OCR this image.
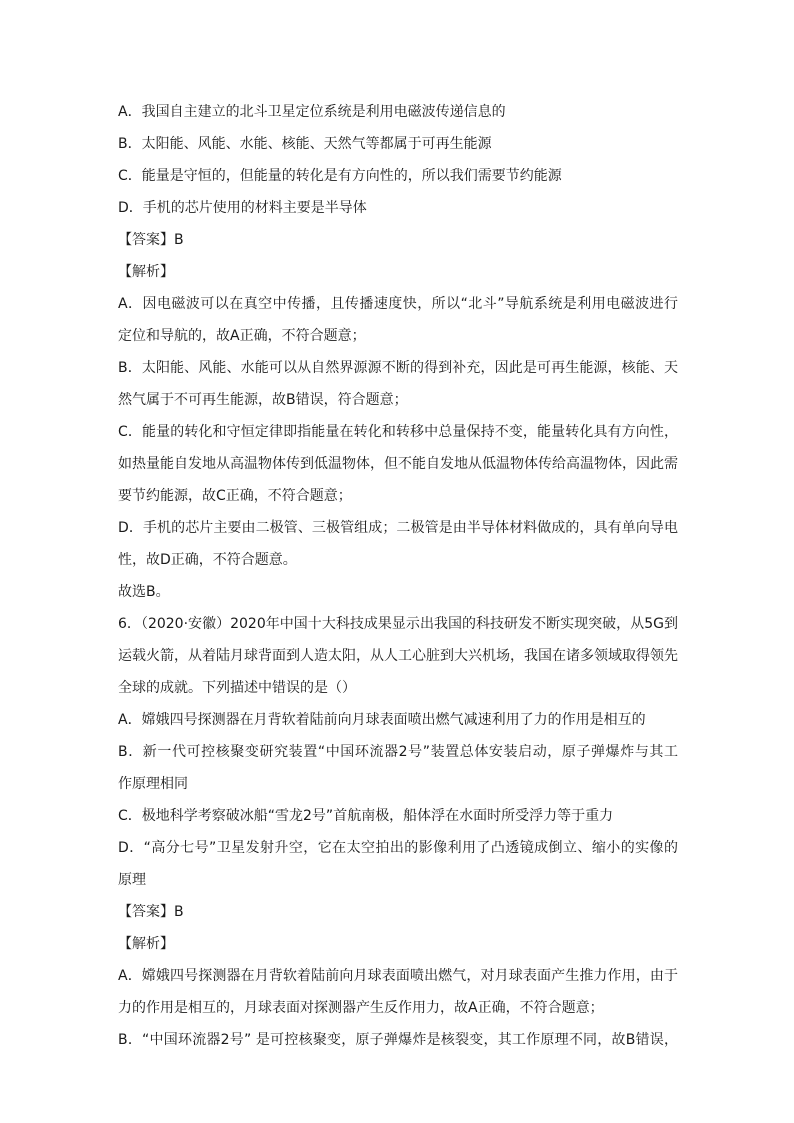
A．我国自主建立的北斗卫星定位系统是利用电磁波传递信息的
B．太阳能、风能、水能、核能、天然气等都属于可再生能源
C．能量是守恒的，但能量的转化是有方向性的，所以我们需要节约能源
D．手机的芯片使用的材料主要是半导体
【答案】B
【解析】
A．因电磁波可以在真空中传播，且传播速度快，所以“北斗”导航系统是利用电磁波进行
定位和导航的，故A正确，不符合题意；
B．太阳能、风能、水能可以从自然界源源不断的得到补充，因此是可再生能源，核能、天
然气属于不可再生能源，故B错误，符合题意；
C．能量的转化和守恒定律即指能量在转化和转移中总量保持不变，能量转化具有方向性，
如热量能自发地从高温物体传到低温物体，但不能自发地从低温物体传给高温物体，因此需
要节约能源，故C正确，不符合题意；
D．手机的芯片主要由二极管、三极管组成；二极管是由半导体材料做成的，具有单向导电
性，故D正确，不符合题意。
故选B。
6．（2020·安徽）2020年中国十大科技成果显示出我国的科技研发不断实现突破，从5G到
运载火箭，从着陆月球背面到人造太阳，从人工心脏到大兴机场，我国在诸多领域取得领先
全球的成就。下列描述中错误的是（）
A．嫦娥四号探测器在月背软着陆前向月球表面喷出燃气减速利用了力的作用是相互的
B．新一代可控核聚变研究装置“中国环流器2号”装置总体安装启动，原子弹爆炸与其工
作原理相同
C．极地科学考察破冰船“雪龙2号”首航南极，船体浮在水面时所受浮力等于重力
D．“高分七号”卫星发射升空，它在太空拍出的影像利用了凸透镜成倒立、缩小的实像的
原理
【答案】B
【解析】
A．嫦娥四号探测器在月背软着陆前向月球表面喷出燃气，对月球表面产生推力作用，由于
力的作用是相互的，月球表面对探测器产生反作用力，故A正确，不符合题意；
B．“中国环流器2号” 是可控核聚变，原子弹爆炸是核裂变，其工作原理不同，故B错误，
